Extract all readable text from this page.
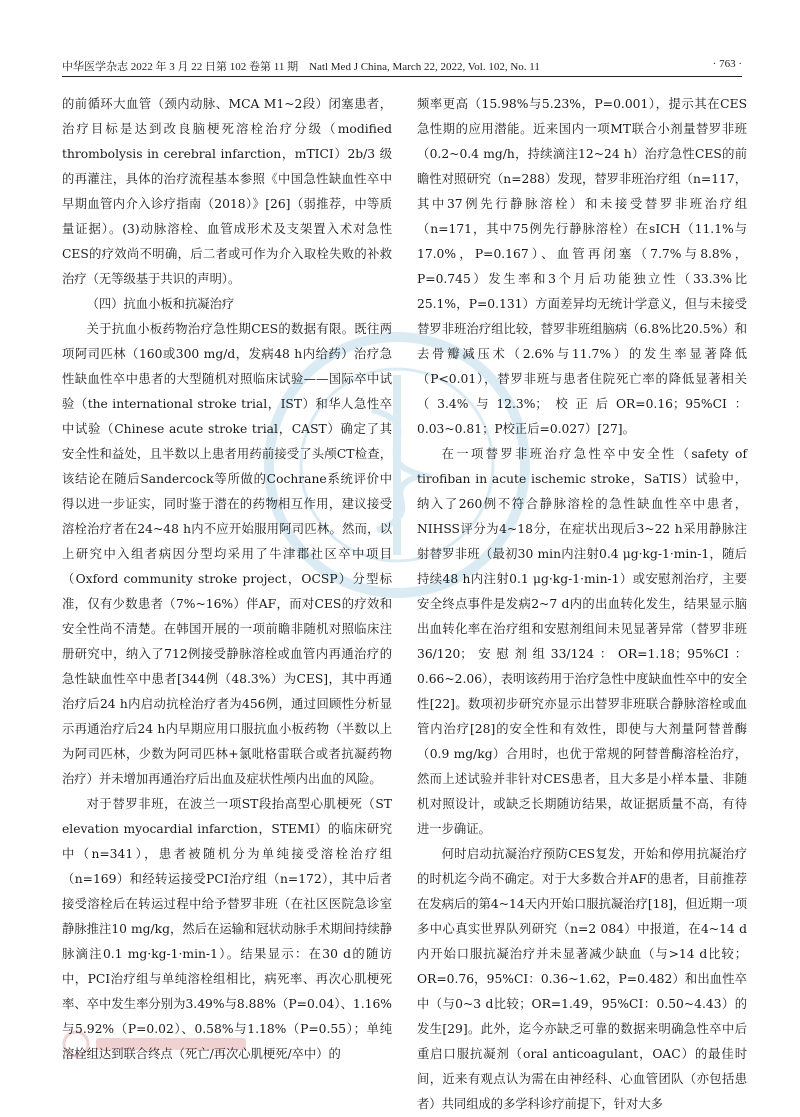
中华医学杂志 2022 年 3 月 22 日第 102 卷第 11 期　Natl Med J China, March 22, 2022, Vol. 102, No. 11	· 763 ·

的前循环大血管（颈内动脉、MCA M1~2段）闭塞患者，治疗目标是达到改良脑梗死溶栓治疗分级（modified thrombolysis in cerebral infarction，mTICI）2b/3 级的再灌注，具体的治疗流程基本参照《中国急性缺血性卒中早期血管内介入诊疗指南（2018）》[26]（弱推荐，中等质量证据）。(3)动脉溶栓、血管成形术及支架置入术对急性CES的疗效尚不明确，后二者或可作为介入取栓失败的补救治疗（无等级基于共识的声明）。

（四）抗血小板和抗凝治疗

关于抗血小板药物治疗急性期CES的数据有限。既往两项阿司匹林（160或300 mg/d，发病48 h内给药）治疗急性缺血性卒中患者的大型随机对照临床试验——国际卒中试验（the international stroke trial，IST）和华人急性卒中试验（Chinese acute stroke trial，CAST）确定了其安全性和益处，且半数以上患者用药前接受了头颅CT检查，该结论在随后Sandercock等所做的Cochrane系统评价中得以进一步证实，同时鉴于潜在的药物相互作用，建议接受溶栓治疗者在24~48 h内不应开始服用阿司匹林。然而，以上研究中入组者病因分型均采用了牛津郡社区卒中项目（Oxford community stroke project，OCSP）分型标准，仅有少数患者（7%~16%）伴AF，而对CES的疗效和安全性尚不清楚。在韩国开展的一项前瞻非随机对照临床注册研究中，纳入了712例接受静脉溶栓或血管内再通治疗的急性缺血性卒中患者[344例（48.3%）为CES]，其中再通治疗后24 h内启动抗栓治疗者为456例，通过回顾性分析显示再通治疗后24 h内早期应用口服抗血小板药物（半数以上为阿司匹林，少数为阿司匹林+氯吡格雷联合或者抗凝药物治疗）并未增加再通治疗后出血及症状性颅内出血的风险。

对于替罗非班，在波兰一项ST段抬高型心肌梗死（ST elevation myocardial infarction，STEMI）的临床研究中（n=341），患者被随机分为单纯接受溶栓治疗组（n=169）和经转运接受PCI治疗组（n=172），其中后者接受溶栓后在转运过程中给予替罗非班（在社区医院急诊室静脉推注10 mg/kg，然后在运输和冠状动脉手术期间持续静脉滴注0.1 mg·kg-1·min-1）。结果显示：在30 d的随访中，PCI治疗组与单纯溶栓组相比，病死率、再次心肌梗死率、卒中发生率分别为3.49%与8.88%（P=0.04）、1.16%与5.92%（P=0.02）、0.58%与1.18%（P=0.55）；单纯溶栓组达到联合终点（死亡/再次心肌梗死/卒中）的

频率更高（15.98%与5.23%，P=0.001），提示其在CES急性期的应用潜能。近来国内一项MT联合小剂量替罗非班（0.2~0.4 mg/h，持续滴注12~24 h）治疗急性CES的前瞻性对照研究（n=288）发现，替罗非班治疗组（n=117，其中37例先行静脉溶栓）和未接受替罗非班治疗组（n=171，其中75例先行静脉溶栓）在sICH（11.1%与17.0%，P=0.167）、血管再闭塞（7.7%与8.8%，P=0.745）发生率和3个月后功能独立性（33.3%比25.1%，P=0.131）方面差异均无统计学意义，但与未接受替罗非班治疗组比较，替罗非班组脑病（6.8%比20.5%）和去骨瓣减压术（2.6%与11.7%）的发生率显著降低（P<0.01），替罗非班与患者住院死亡率的降低显著相关（3.4%与12.3%；校正后OR=0.16；95%CI：0.03~0.81；P校正后=0.027）[27]。

在一项替罗非班治疗急性卒中安全性（safety of tirofiban in acute ischemic stroke，SaTIS）试验中，纳入了260例不符合静脉溶栓的急性缺血性卒中患者，NIHSS评分为4~18分，在症状出现后3~22 h采用静脉注射替罗非班（最初30 min内注射0.4 μg·kg-1·min-1，随后持续48 h内注射0.1 μg·kg-1·min-1）或安慰剂治疗，主要安全终点事件是发病2~7 d内的出血转化发生，结果显示脑出血转化率在治疗组和安慰剂组间未见显著异常（替罗非班36/120；安慰剂组33/124：OR=1.18；95%CI：0.66~2.06），表明该药用于治疗急性中度缺血性卒中的安全性[22]。数项初步研究亦显示出替罗非班联合静脉溶栓或血管内治疗[28]的安全性和有效性，即使与大剂量阿替普酶（0.9 mg/kg）合用时，也优于常规的阿替普酶溶栓治疗，然而上述试验并非针对CES患者，且大多是小样本量、非随机对照设计，或缺乏长期随访结果，故证据质量不高，有待进一步确证。

何时启动抗凝治疗预防CES复发，开始和停用抗凝治疗的时机迄今尚不确定。对于大多数合并AF的患者，目前推荐在发病后的第4~14天内开始口服抗凝治疗[18]，但近期一项多中心真实世界队列研究（n=2 084）中报道，在4~14 d内开始口服抗凝治疗并未显著减少缺血（与>14 d比较；OR=0.76，95%CI：0.36~1.62，P=0.482）和出血性卒中（与0~3 d比较；OR=1.49，95%CI：0.50~4.43）的发生[29]。此外，迄今亦缺乏可靠的数据来明确急性卒中后重启口服抗凝剂（oral anticoagulant，OAC）的最佳时间，近来有观点认为需在由神经科、心血管团队（亦包括患者）共同组成的多学科诊疗前提下，针对大多
